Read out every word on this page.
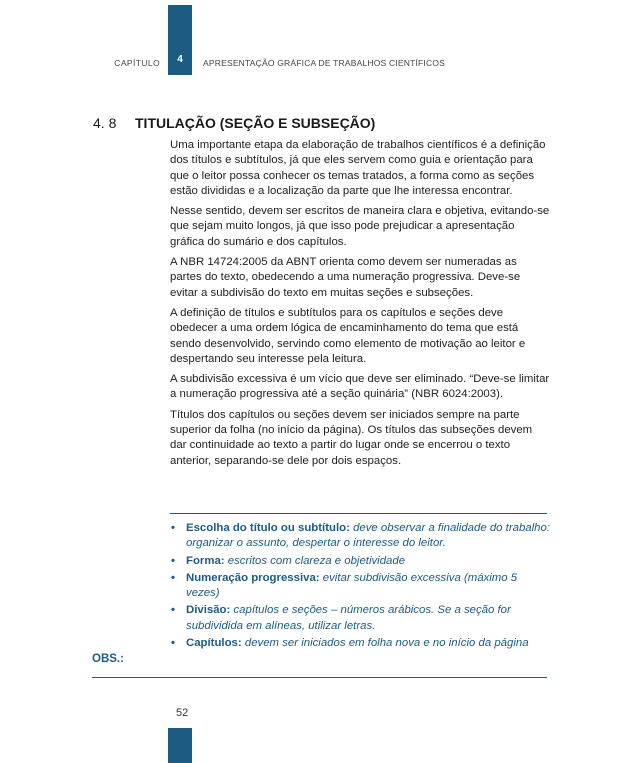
4
CAPÍTULO	APRESENTAÇÃO GRÁFICA DE TRABALHOS CIENTÍFICOS
4. 8 TITULAÇÃO (SEÇÃO E SUBSEÇÃO)

Uma importante etapa da elaboração de trabalhos científicos é a definição dos títulos e subtítulos, já que eles servem como guia e orientação para que o leitor possa conhecer os temas tratados, a forma como as seções estão divididas e a localização da parte que lhe interessa encontrar.

Nesse sentido, devem ser escritos de maneira clara e objetiva, evitando-se que sejam muito longos, já que isso pode prejudicar a apresentação gráfica do sumário e dos capítulos.

A NBR 14724:2005 da ABNT orienta como devem ser numeradas as partes do texto, obedecendo a uma numeração progressiva. Deve-se evitar a subdivisão do texto em muitas seções e subseções.

A definição de títulos e subtítulos para os capítulos e seções deve obedecer a uma ordem lógica de encaminhamento do tema que está sendo desenvolvido, servindo como elemento de motivação ao leitor e despertando seu interesse pela leitura.

A subdivisão excessiva é um vício que deve ser eliminado. “Deve-se limitar a numeração progressiva até a seção quinária” (NBR 6024:2003).

Títulos dos capítulos ou seções devem ser iniciados sempre na parte superior da folha (no início da página). Os títulos das subseções devem dar continuidade ao texto a partir do lugar onde se encerrou o texto anterior, separando-se dele por dois espaços.

• Escolha do título ou subtítulo: deve observar a finalidade do trabalho: organizar o assunto, despertar o interesse do leitor.
• Forma: escritos com clareza e objetividade
• Numeração progressiva: evitar subdivisão excessiva (máximo 5 vezes)
• Divisão: capítulos e seções – números arábicos. Se a seção for subdividida em alíneas, utilizar letras.
• Capítulos: devem ser iniciados em folha nova e no início da página
OBS.:
52
